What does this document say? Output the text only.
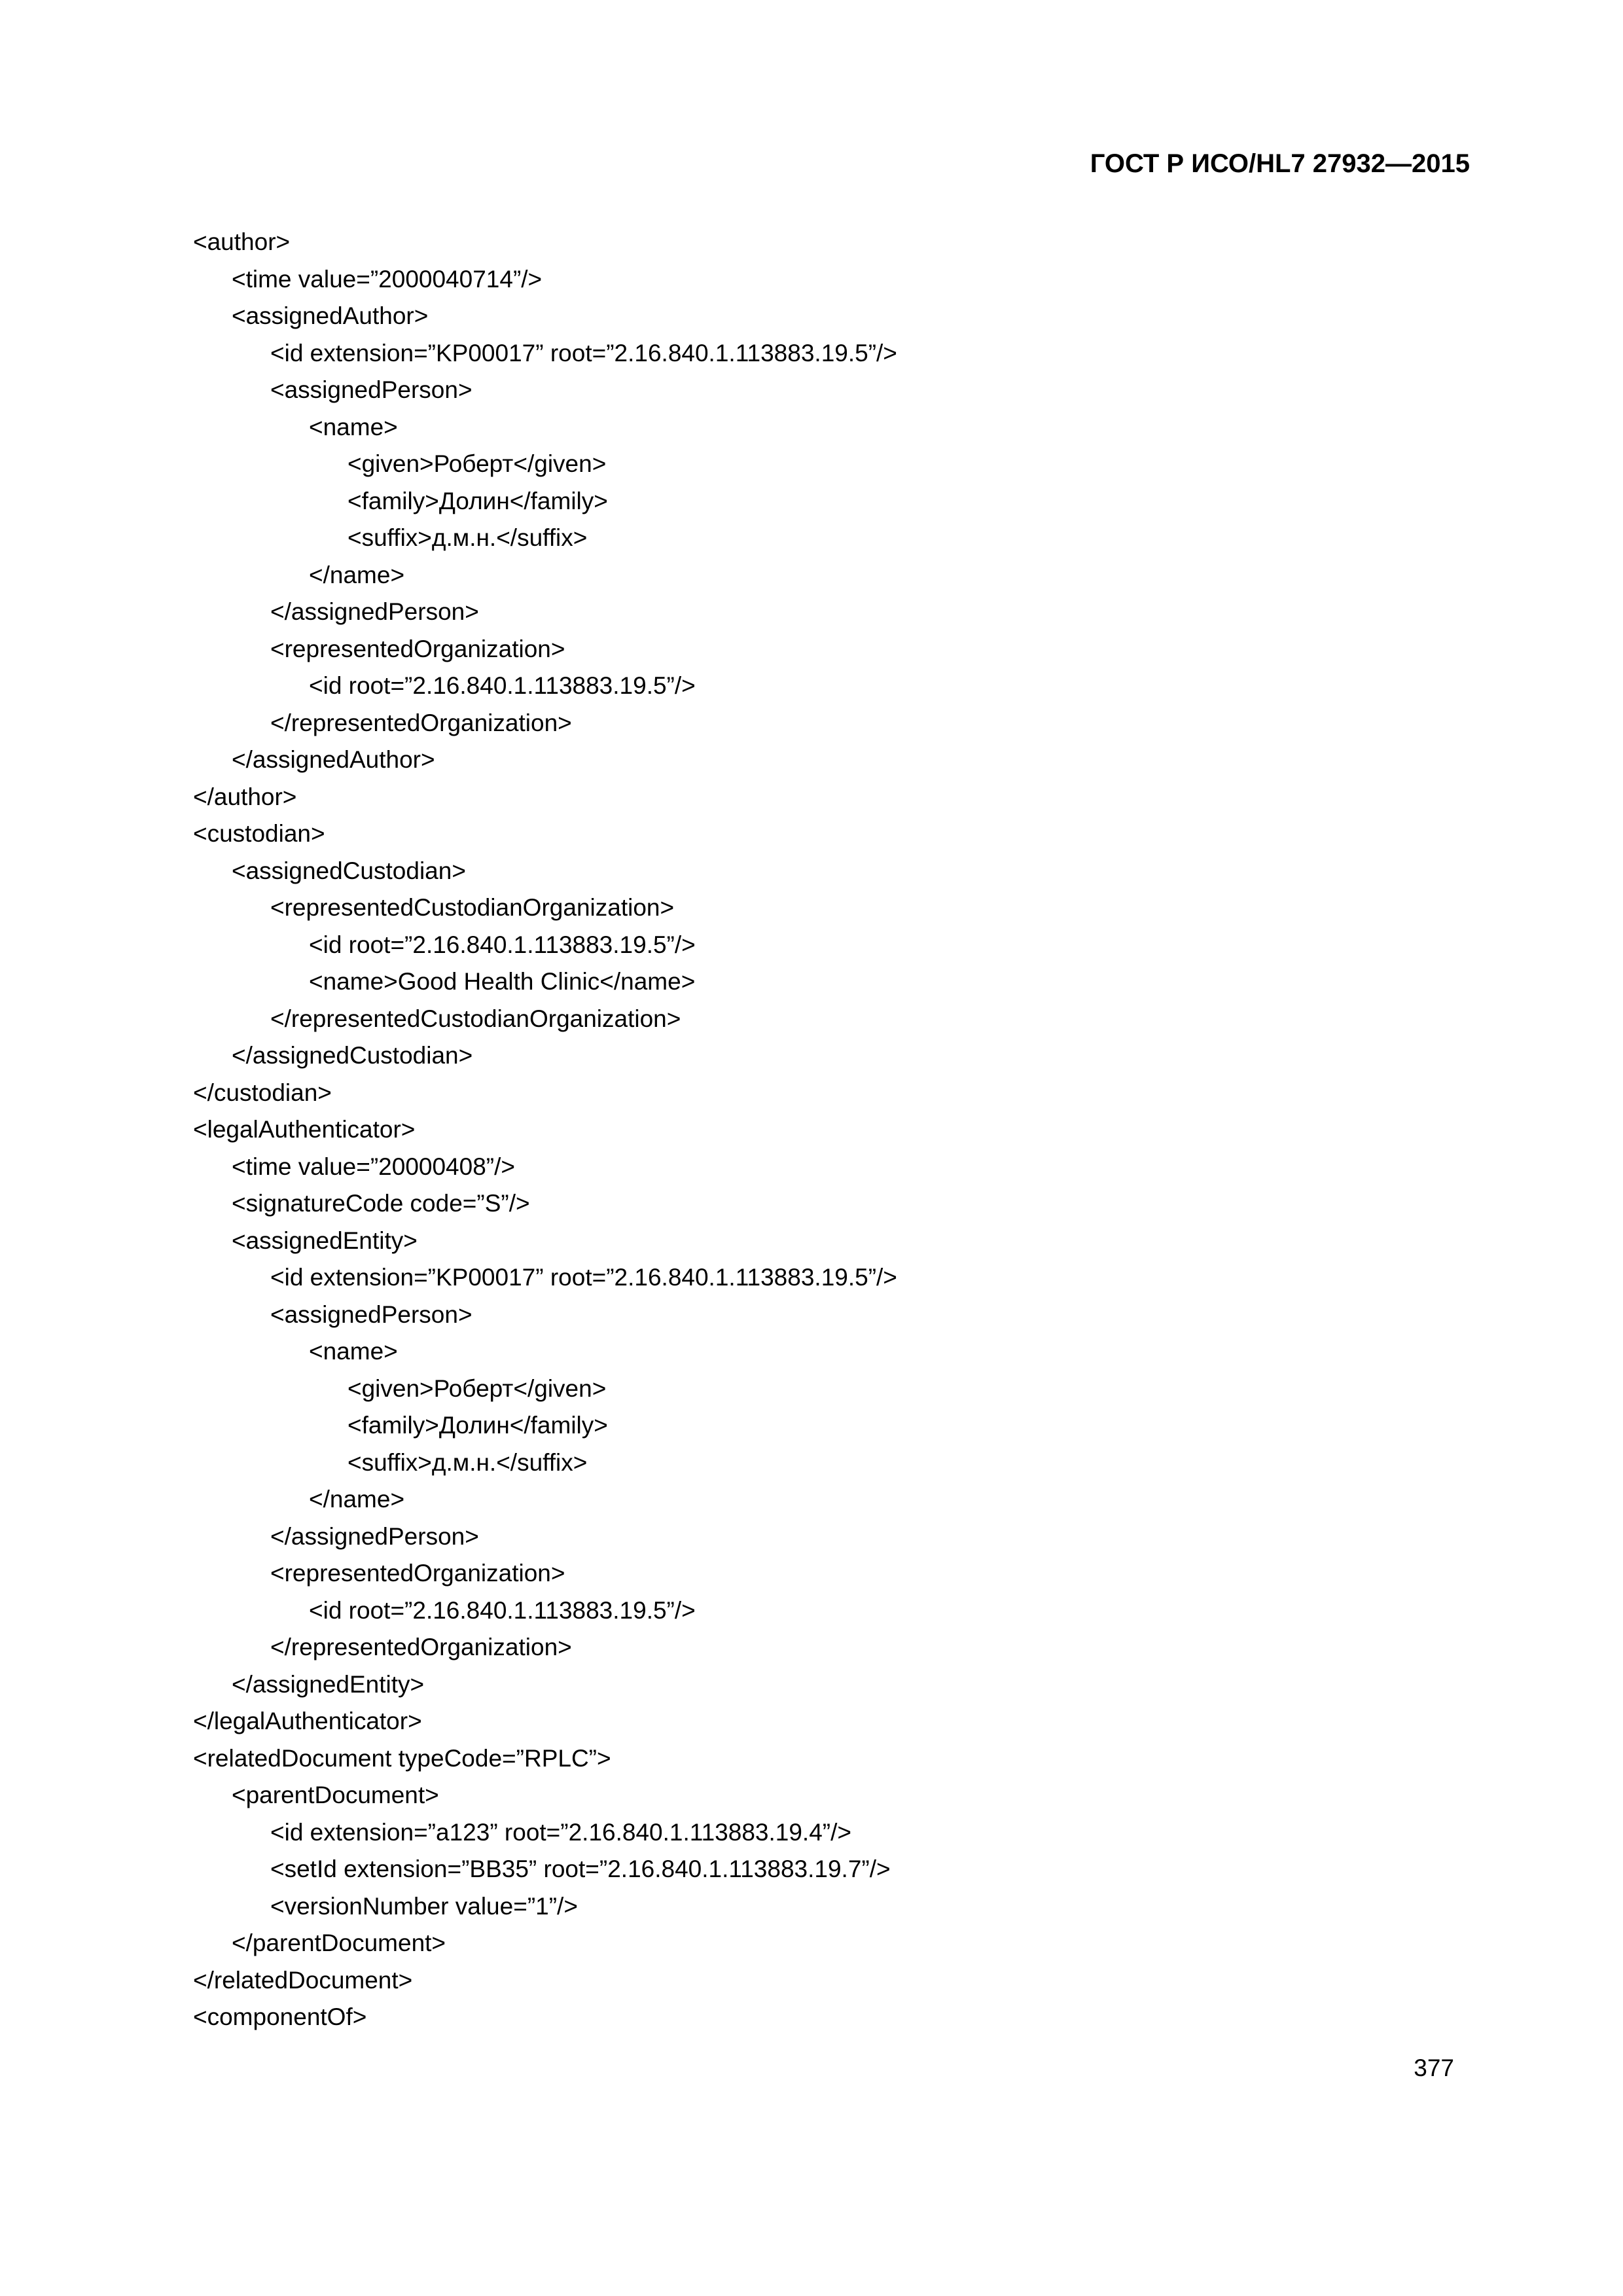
ГОСТ Р ИСО/HL7 27932—2015
<author>
<time value=”2000040714”/>
<assignedAuthor>
<id extension=”KP00017” root=”2.16.840.1.113883.19.5”/>
<assignedPerson>
<name>
<given>Роберт</given>
<family>Долин</family>
<suffix>д.м.н.</suffix>
</name>
</assignedPerson>
<representedOrganization>
<id root=”2.16.840.1.113883.19.5”/>
</representedOrganization>
</assignedAuthor>
</author>
<custodian>
<assignedCustodian>
<representedCustodianOrganization>
<id root=”2.16.840.1.113883.19.5”/>
<name>Good Health Clinic</name>
</representedCustodianOrganization>
</assignedCustodian>
</custodian>
<legalAuthenticator>
<time value=”20000408”/>
<signatureCode code=”S”/>
<assignedEntity>
<id extension=”KP00017” root=”2.16.840.1.113883.19.5”/>
<assignedPerson>
<name>
<given>Роберт</given>
<family>Долин</family>
<suffix>д.м.н.</suffix>
</name>
</assignedPerson>
<representedOrganization>
<id root=”2.16.840.1.113883.19.5”/>
</representedOrganization>
</assignedEntity>
</legalAuthenticator>
<relatedDocument typeCode=”RPLC”>
<parentDocument>
<id extension=”a123” root=”2.16.840.1.113883.19.4”/>
<setId extension=”BB35” root=”2.16.840.1.113883.19.7”/>
<versionNumber value=”1”/>
</parentDocument>
</relatedDocument>
<componentOf>
377
